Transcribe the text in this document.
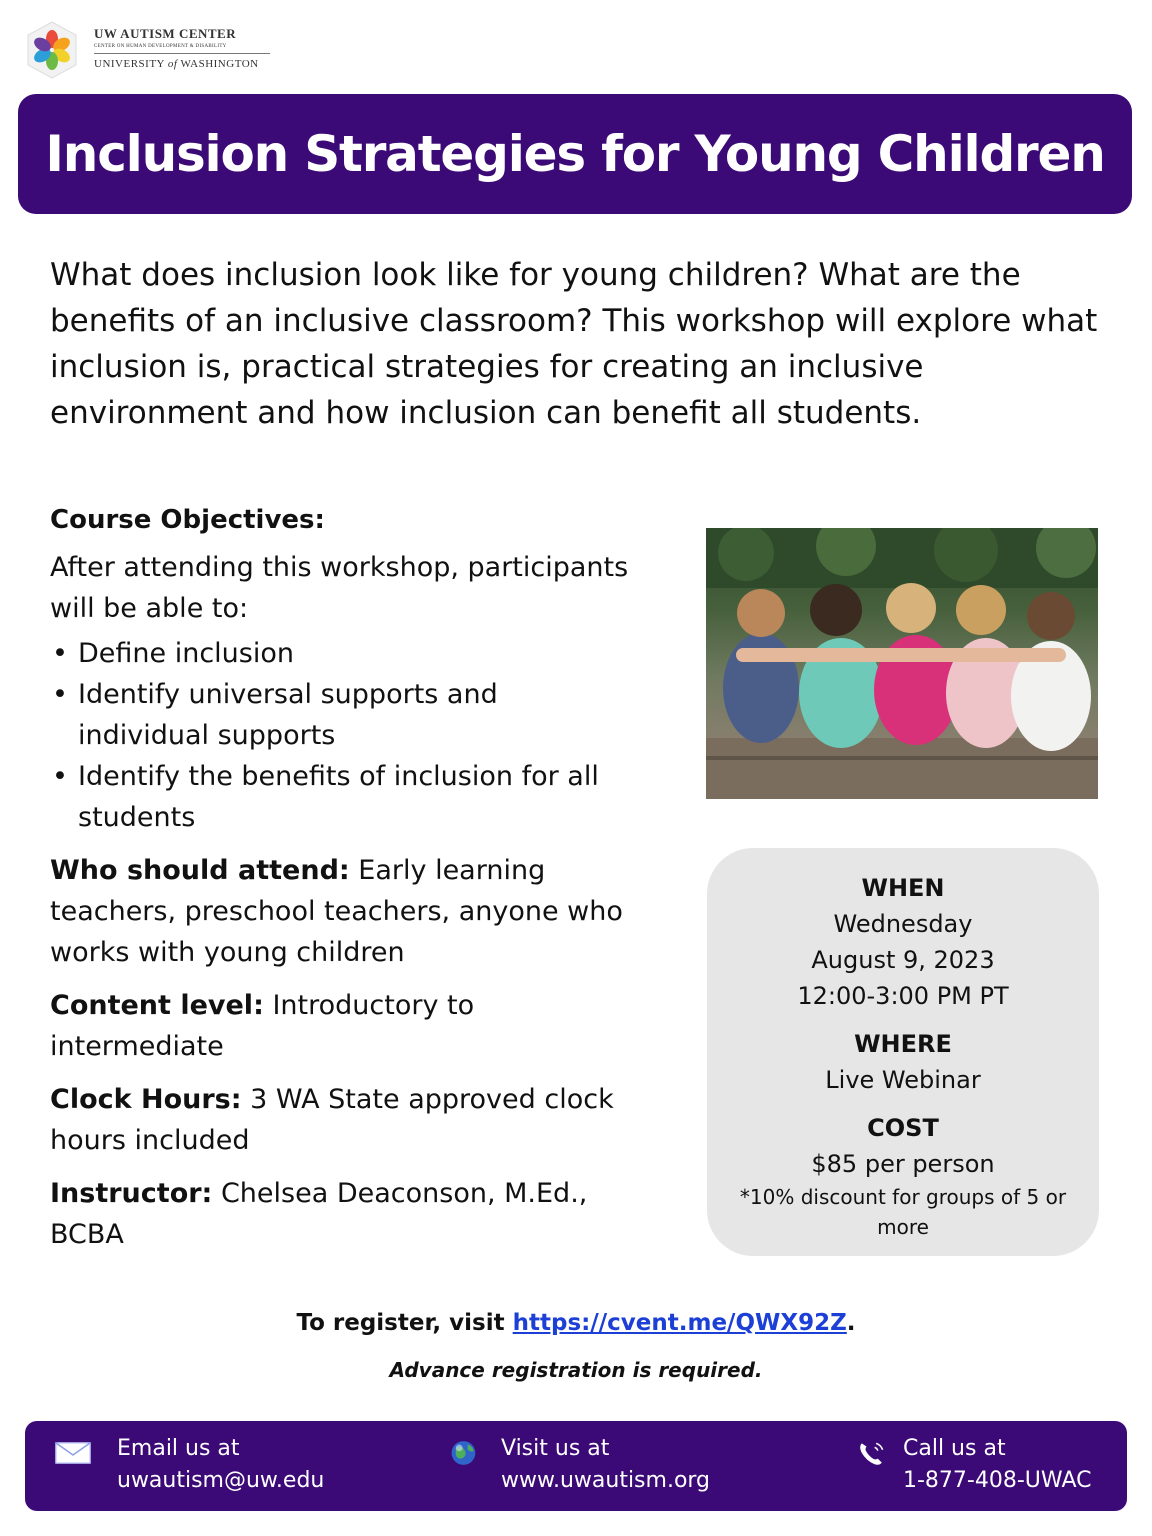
UW AUTISM CENTER
CENTER ON HUMAN DEVELOPMENT & DISABILITY
UNIVERSITY of WASHINGTON
Inclusion Strategies for Young Children
What does inclusion look like for young children? What are the benefits of an inclusive classroom? This workshop will explore what inclusion is, practical strategies for creating an inclusive environment and how inclusion can benefit all students.
Course Objectives:
After attending this workshop, participants will be able to:
• Define inclusion
• Identify universal supports and individual supports
• Identify the benefits of inclusion for all students
Who should attend: Early learning teachers, preschool teachers, anyone who works with young children
Content level: Introductory to intermediate
Clock Hours: 3 WA State approved clock hours included
Instructor: Chelsea Deaconson, M.Ed., BCBA
WHEN
Wednesday
August 9, 2023
12:00-3:00 PM PT
WHERE
Live Webinar
COST
$85 per person
*10% discount for groups of 5 or more
To register, visit https://cvent.me/QWX92Z.
Advance registration is required.
Email us at
uwautism@uw.edu
Visit us at
www.uwautism.org
Call us at
1-877-408-UWAC
